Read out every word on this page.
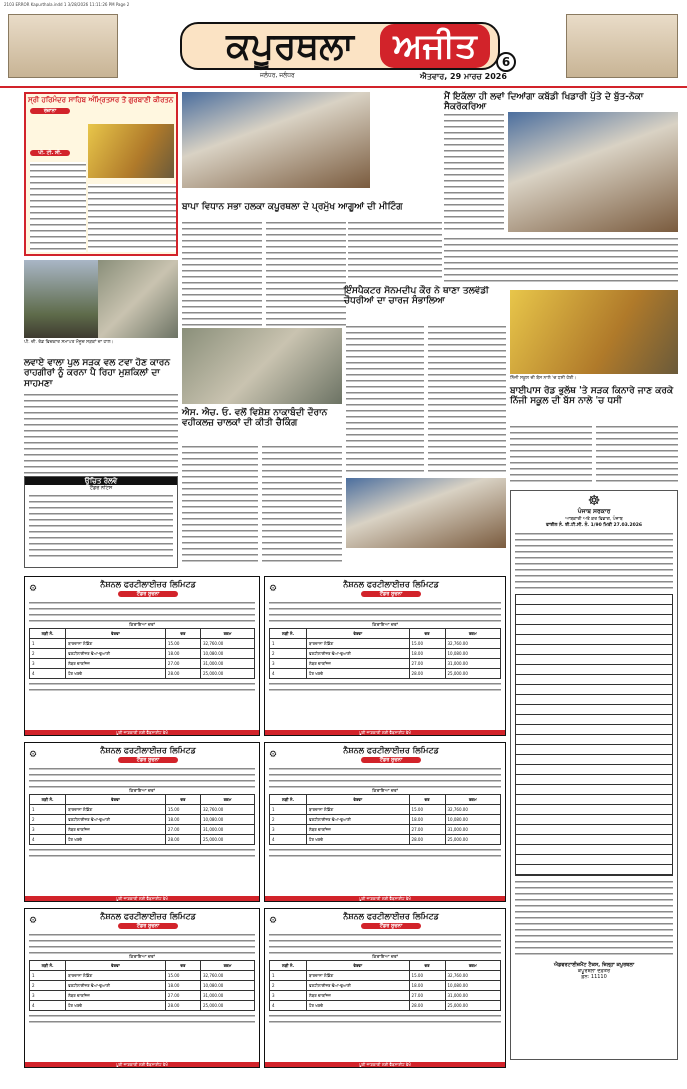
2103 ERROR Kapurthala.indd 1 3/28/2026 11:11:26 PM Page 2
ਕਪੂਰਥਲਾ	ਅਜੀਤ	6
ਜਲੰਧਰ, ਜਲੰਧਰ	ਐਤਵਾਰ, 29 ਮਾਰਚ 2026
ਸ੍ਰੀ ਹਰਿਮੰਦਰ ਸਾਹਿਬ ਅੰਮ੍ਰਿਤਸਰ ਤੋਂ ਗੁਰਬਾਣੀ ਕੀਰਤਨ
ਰੋਜ਼ਾਨਾ
ਪੀ. ਟੀ. ਸੀ.
ਪੀ. ਦੀ. ਰੋਡ ਵਿਚਕਾਰ ਸਮਾਪਤ ਮੌਜੂਦ ਸੜਕਾਂ ਦਾ ਹਾਲ।
ਲਵਾਏ ਵਾਲਾ ਪੁਲ ਸੜਕ ਵਲ ਟਵਾ ਹੋਣ ਕਾਰਨ ਰਾਹਗੀਰਾਂ ਨੂੰ ਕਰਨਾ ਪੈ ਰਿਹਾ ਮੁਸ਼ਕਿਲਾਂ ਦਾ ਸਾਹਮਣਾ
ਉਚਿਤ ਰੇਲਵੇ
ਟੈਂਡਰ ਨੋਟਿਸ
ਬਾਪਾ ਵਿਧਾਨ ਸਭਾ ਹਲਕਾ ਕਪੂਰਥਲਾ ਦੇ ਪ੍ਰਮੁੱਖ ਆਗੂਆਂ ਦੀ ਮੀਟਿੰਗ
ਐਸ. ਐਚ. ਓ. ਵਲੋਂ ਵਿਸ਼ੇਸ਼ ਨਾਕਾਬੰਦੀ ਦੌਰਾਨ ਵਹੀਕਲਜ਼ ਚਾਲਕਾਂ ਦੀ ਕੀਤੀ ਚੈਕਿੰਗ
ਇੰਸਪੈਕਟਰ ਸੋਨਮਦੀਪ ਕੌਰ ਨੇ ਥਾਣਾ ਤਲਵੰਡੀ ਚੌਧਰੀਆਂ ਦਾ ਚਾਰਜ ਸੰਭਾਲਿਆ
ਮੈਂ ਇਕੱਲਾ ਹੀ ਲਵਾਂ ਦਿਆਂਗਾ ਕਬੱਡੀ ਖਿਡਾਰੀ ਪੁੱਤੇ ਦੇ ਬੁੱਤ-ਨੋਕਾ ਸੈਕਰੋਕਰਿਆ
ਨਿੱਜੀ ਸਕੂਲ ਦੀ ਬੱਸ ਨਾਲੇ 'ਚ ਧਸੀ ਹੋਈ।
ਬਾਈਪਾਸ ਰੋਡ ਭੁਲੱਥ 'ਤੇ ਸੜਕ ਕਿਨਾਰੇ ਜਾਣ ਕਰਕੇ ਨਿੱਜੀ ਸਕੂਲ ਦੀ ਬੱਸ ਨਾਲੇ 'ਚ ਧਸੀ
☸
ਪੰਜਾਬ ਸਰਕਾਰ
ਆਬਕਾਰੀ ਅਤੇ ਕਰ ਵਿਭਾਗ, ਪੰਜਾਬ
ਫਾਈਲ ਨੰ. ਈ.ਟੀ.ਸੀ. ਨੰ. 1/90 ਮਿਤੀ 27.03.2026
ਐਡਵਰਟਾਈਜ਼ਮੈਂਟ ਟੈਕਸ, ਜ਼ਿਲ੍ਹਾ ਕਪੂਰਥਲਾ
ਕਪੂਰਥਲਾ ਦਫ਼ਤਰ
ਫ਼ੋਨ: 11110
⚙	ਨੈਸ਼ਨਲ ਫਰਟੀਲਾਈਜ਼ਰ ਲਿਮਿਟਡ
ਟੈਂਡਰ ਸੂਚਨਾ
ਕਿਰਾਇਆ ਦਰਾਂ
ਲੜੀ ਨੰ.	ਵੇਰਵਾ	ਦਰ	ਰਕਮ
1	ਬਾਰਦਾਨਾ ਲੋਡਿੰਗ	15.00	32,760.00
2	ਫਰਟੀਲਾਈਜ਼ਰ ਢੋਆ-ਢੁਆਈ	18.00	10,080.00
3	ਲੇਬਰ ਚਾਰਜਿਜ਼	27.00	31,000.00
4	ਹੋਰ ਖਰਚੇ	28.00	25,000.00
ਪੂਰੀ ਜਾਣਕਾਰੀ ਲਈ ਵੈੱਬਸਾਈਟ ਵੇਖੋ
⚙	ਨੈਸ਼ਨਲ ਫਰਟੀਲਾਈਜ਼ਰ ਲਿਮਿਟਡ
ਟੈਂਡਰ ਸੂਚਨਾ
ਕਿਰਾਇਆ ਦਰਾਂ
ਲੜੀ ਨੰ.	ਵੇਰਵਾ	ਦਰ	ਰਕਮ
1	ਬਾਰਦਾਨਾ ਲੋਡਿੰਗ	15.00	32,760.00
2	ਫਰਟੀਲਾਈਜ਼ਰ ਢੋਆ-ਢੁਆਈ	18.00	10,080.00
3	ਲੇਬਰ ਚਾਰਜਿਜ਼	27.00	31,000.00
4	ਹੋਰ ਖਰਚੇ	28.00	25,000.00
ਪੂਰੀ ਜਾਣਕਾਰੀ ਲਈ ਵੈੱਬਸਾਈਟ ਵੇਖੋ
⚙	ਨੈਸ਼ਨਲ ਫਰਟੀਲਾਈਜ਼ਰ ਲਿਮਿਟਡ
ਟੈਂਡਰ ਸੂਚਨਾ
ਕਿਰਾਇਆ ਦਰਾਂ
ਲੜੀ ਨੰ.	ਵੇਰਵਾ	ਦਰ	ਰਕਮ
1	ਬਾਰਦਾਨਾ ਲੋਡਿੰਗ	15.00	32,760.00
2	ਫਰਟੀਲਾਈਜ਼ਰ ਢੋਆ-ਢੁਆਈ	18.00	10,080.00
3	ਲੇਬਰ ਚਾਰਜਿਜ਼	27.00	31,000.00
4	ਹੋਰ ਖਰਚੇ	28.00	25,000.00
ਪੂਰੀ ਜਾਣਕਾਰੀ ਲਈ ਵੈੱਬਸਾਈਟ ਵੇਖੋ
⚙	ਨੈਸ਼ਨਲ ਫਰਟੀਲਾਈਜ਼ਰ ਲਿਮਿਟਡ
ਟੈਂਡਰ ਸੂਚਨਾ
ਕਿਰਾਇਆ ਦਰਾਂ
ਲੜੀ ਨੰ.	ਵੇਰਵਾ	ਦਰ	ਰਕਮ
1	ਬਾਰਦਾਨਾ ਲੋਡਿੰਗ	15.00	32,760.00
2	ਫਰਟੀਲਾਈਜ਼ਰ ਢੋਆ-ਢੁਆਈ	18.00	10,080.00
3	ਲੇਬਰ ਚਾਰਜਿਜ਼	27.00	31,000.00
4	ਹੋਰ ਖਰਚੇ	28.00	25,000.00
ਪੂਰੀ ਜਾਣਕਾਰੀ ਲਈ ਵੈੱਬਸਾਈਟ ਵੇਖੋ
⚙	ਨੈਸ਼ਨਲ ਫਰਟੀਲਾਈਜ਼ਰ ਲਿਮਿਟਡ
ਟੈਂਡਰ ਸੂਚਨਾ
ਕਿਰਾਇਆ ਦਰਾਂ
ਲੜੀ ਨੰ.	ਵੇਰਵਾ	ਦਰ	ਰਕਮ
1	ਬਾਰਦਾਨਾ ਲੋਡਿੰਗ	15.00	32,760.00
2	ਫਰਟੀਲਾਈਜ਼ਰ ਢੋਆ-ਢੁਆਈ	18.00	10,080.00
3	ਲੇਬਰ ਚਾਰਜਿਜ਼	27.00	31,000.00
4	ਹੋਰ ਖਰਚੇ	28.00	25,000.00
ਪੂਰੀ ਜਾਣਕਾਰੀ ਲਈ ਵੈੱਬਸਾਈਟ ਵੇਖੋ
⚙	ਨੈਸ਼ਨਲ ਫਰਟੀਲਾਈਜ਼ਰ ਲਿਮਿਟਡ
ਟੈਂਡਰ ਸੂਚਨਾ
ਕਿਰਾਇਆ ਦਰਾਂ
ਲੜੀ ਨੰ.	ਵੇਰਵਾ	ਦਰ	ਰਕਮ
1	ਬਾਰਦਾਨਾ ਲੋਡਿੰਗ	15.00	32,760.00
2	ਫਰਟੀਲਾਈਜ਼ਰ ਢੋਆ-ਢੁਆਈ	18.00	10,080.00
3	ਲੇਬਰ ਚਾਰਜਿਜ਼	27.00	31,000.00
4	ਹੋਰ ਖਰਚੇ	28.00	25,000.00
ਪੂਰੀ ਜਾਣਕਾਰੀ ਲਈ ਵੈੱਬਸਾਈਟ ਵੇਖੋ
